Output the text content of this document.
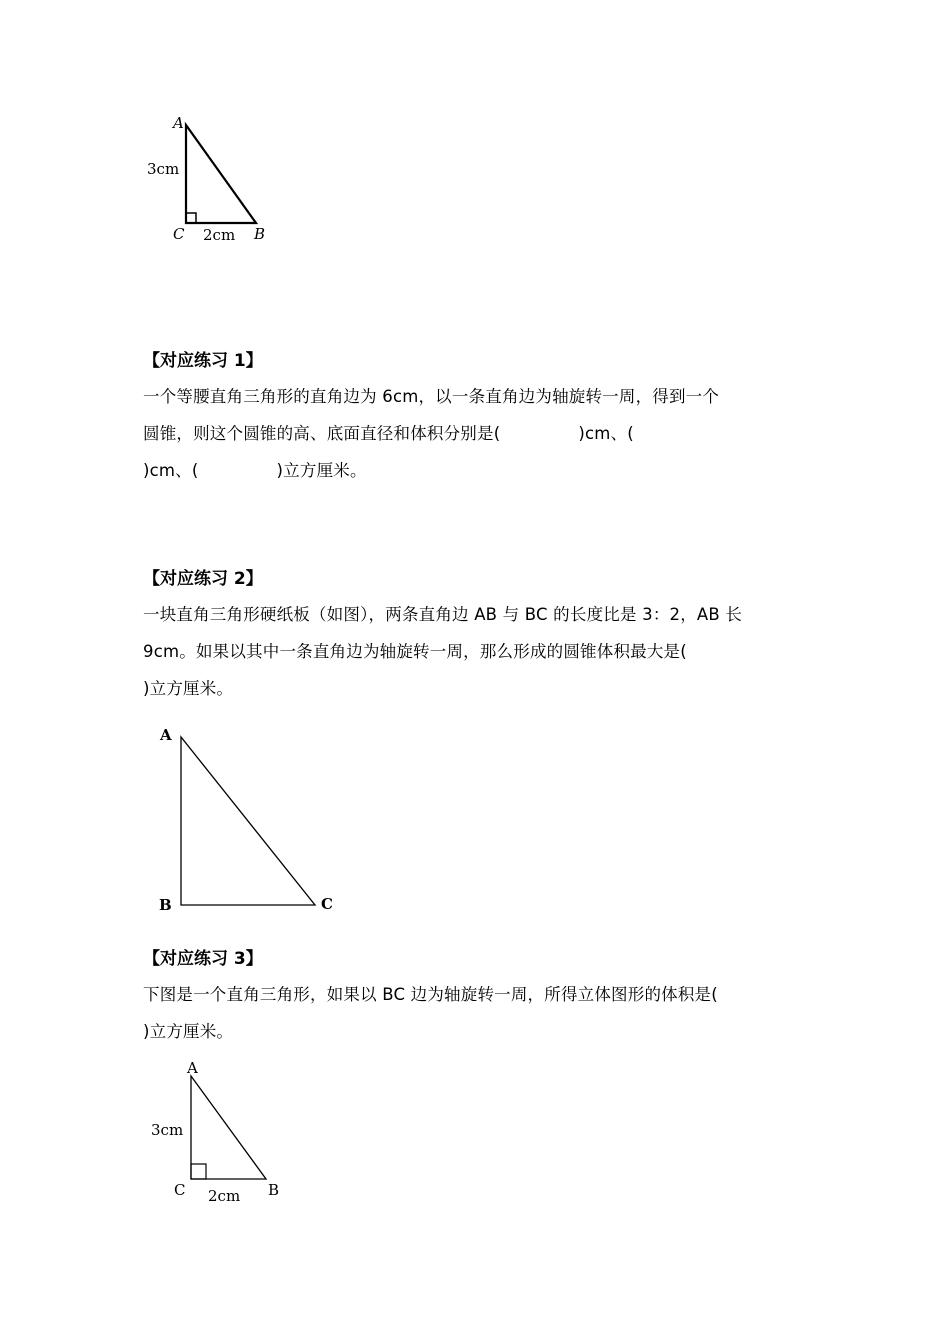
A
3cm
C 2cm B
【对应练习 1】
一个等腰直角三角形的直角边为 6cm，以一条直角边为轴旋转一周，得到一个
圆锥，则这个圆锥的高、底面直径和体积分别是(	)cm、(
)cm、(	)立方厘米。
【对应练习 2】
一块直角三角形硬纸板（如图），两条直角边 AB 与 BC 的长度比是 3：2，AB 长
9cm。如果以其中一条直角边为轴旋转一周，那么形成的圆锥体积最大是(
)立方厘米。
A
B	C
【对应练习 3】
下图是一个直角三角形，如果以 BC 边为轴旋转一周，所得立体图形的体积是(
)立方厘米。
A
3cm
C 2cm B
